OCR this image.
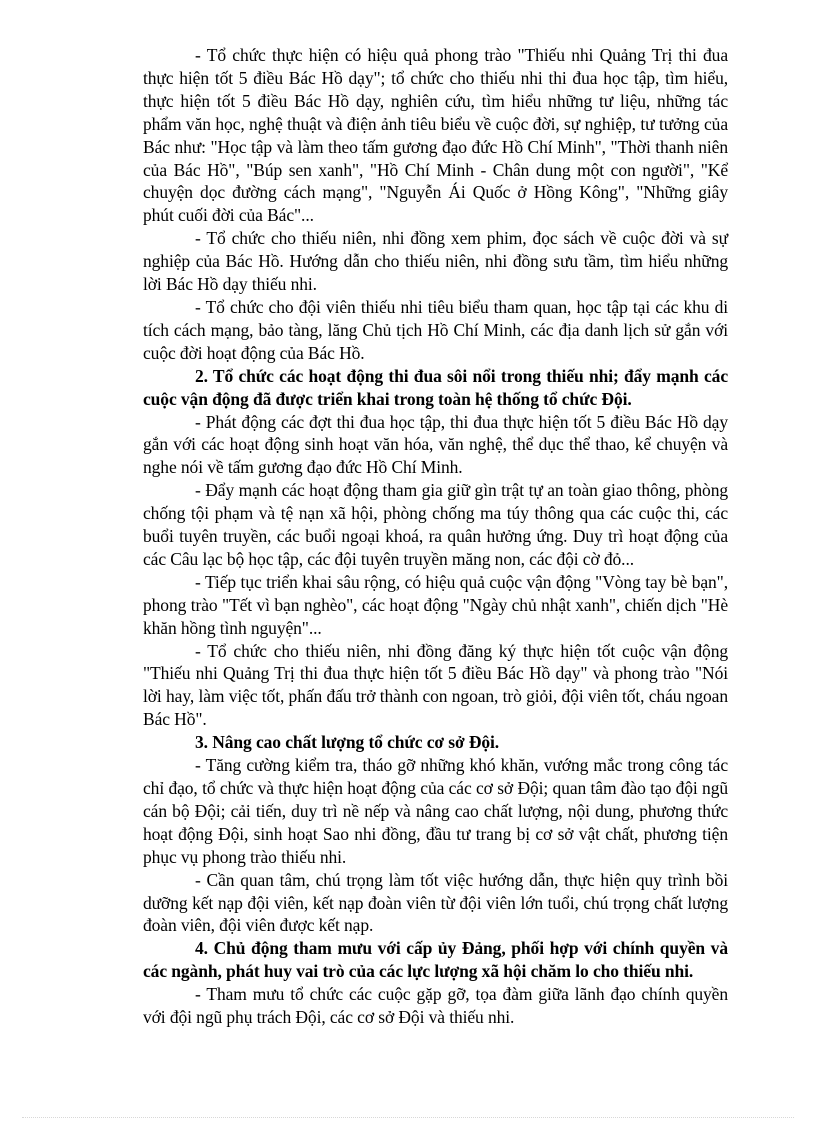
- Tổ chức thực hiện có hiệu quả phong trào "Thiếu nhi Quảng Trị thi đua thực hiện tốt 5 điều Bác Hồ dạy"; tổ chức cho thiếu nhi thi đua học tập, tìm hiểu, thực hiện tốt 5 điều Bác Hồ dạy, nghiên cứu, tìm hiểu những tư liệu, những tác phẩm văn học, nghệ thuật và điện ảnh tiêu biểu về cuộc đời, sự nghiệp, tư tưởng của Bác như: "Học tập và làm theo tấm gương đạo đức Hồ Chí Minh", "Thời thanh niên của Bác Hồ", "Búp sen xanh", "Hồ Chí Minh - Chân dung một con người", "Kể chuyện dọc đường cách mạng", "Nguyễn Ái Quốc ở Hồng Kông", "Những giây phút cuối đời của Bác"...

- Tổ chức cho thiếu niên, nhi đồng xem phim, đọc sách về cuộc đời và sự nghiệp của Bác Hồ. Hướng dẫn cho thiếu niên, nhi đồng sưu tầm, tìm hiểu những lời Bác Hồ dạy thiếu nhi.

- Tổ chức cho đội viên thiếu nhi tiêu biểu tham quan, học tập tại các khu di tích cách mạng, bảo tàng, lăng Chủ tịch Hồ Chí Minh, các địa danh lịch sử gắn với cuộc đời hoạt động của Bác Hồ.

2. Tổ chức các hoạt động thi đua sôi nổi trong thiếu nhi; đẩy mạnh các cuộc vận động đã được triển khai trong toàn hệ thống tổ chức Đội.

- Phát động các đợt thi đua học tập, thi đua thực hiện tốt 5 điều Bác Hồ dạy gắn với các hoạt động sinh hoạt văn hóa, văn nghệ, thể dục thể thao, kể chuyện và nghe nói về tấm gương đạo đức Hồ Chí Minh.

- Đẩy mạnh các hoạt động tham gia giữ gìn trật tự an toàn giao thông, phòng chống tội phạm và tệ nạn xã hội, phòng chống ma túy thông qua các cuộc thi, các buổi tuyên truyền, các buổi ngoại khoá, ra quân hưởng ứng. Duy trì hoạt động của các Câu lạc bộ học tập, các đội tuyên truyền măng non, các đội cờ đỏ...

- Tiếp tục triển khai sâu rộng, có hiệu quả cuộc vận động "Vòng tay bè bạn", phong trào "Tết vì bạn nghèo", các hoạt động "Ngày chủ nhật xanh", chiến dịch "Hè khăn hồng tình nguyện"...

- Tổ chức cho thiếu niên, nhi đồng đăng ký thực hiện tốt cuộc vận động "Thiếu nhi Quảng Trị thi đua thực hiện tốt 5 điều Bác Hồ dạy" và phong trào "Nói lời hay, làm việc tốt, phấn đấu trở thành con ngoan, trò giỏi, đội viên tốt, cháu ngoan Bác Hồ".

3. Nâng cao chất lượng tổ chức cơ sở Đội.

- Tăng cường kiểm tra, tháo gỡ những khó khăn, vướng mắc trong công tác chỉ đạo, tổ chức và thực hiện hoạt động của các cơ sở Đội; quan tâm đào tạo đội ngũ cán bộ Đội; cải tiến, duy trì nề nếp và nâng cao chất lượng, nội dung, phương thức hoạt động Đội, sinh hoạt Sao nhi đồng, đầu tư trang bị cơ sở vật chất, phương tiện phục vụ phong trào thiếu nhi.

- Cần quan tâm, chú trọng làm tốt việc hướng dẫn, thực hiện quy trình bồi dưỡng kết nạp đội viên, kết nạp đoàn viên từ đội viên lớn tuổi, chú trọng chất lượng đoàn viên, đội viên được kết nạp.

4. Chủ động tham mưu với cấp ủy Đảng, phối hợp với chính quyền và các ngành, phát huy vai trò của các lực lượng xã hội chăm lo cho thiếu nhi.

- Tham mưu tổ chức các cuộc gặp gỡ, tọa đàm giữa lãnh đạo chính quyền với đội ngũ phụ trách Đội, các cơ sở Đội và thiếu nhi.
